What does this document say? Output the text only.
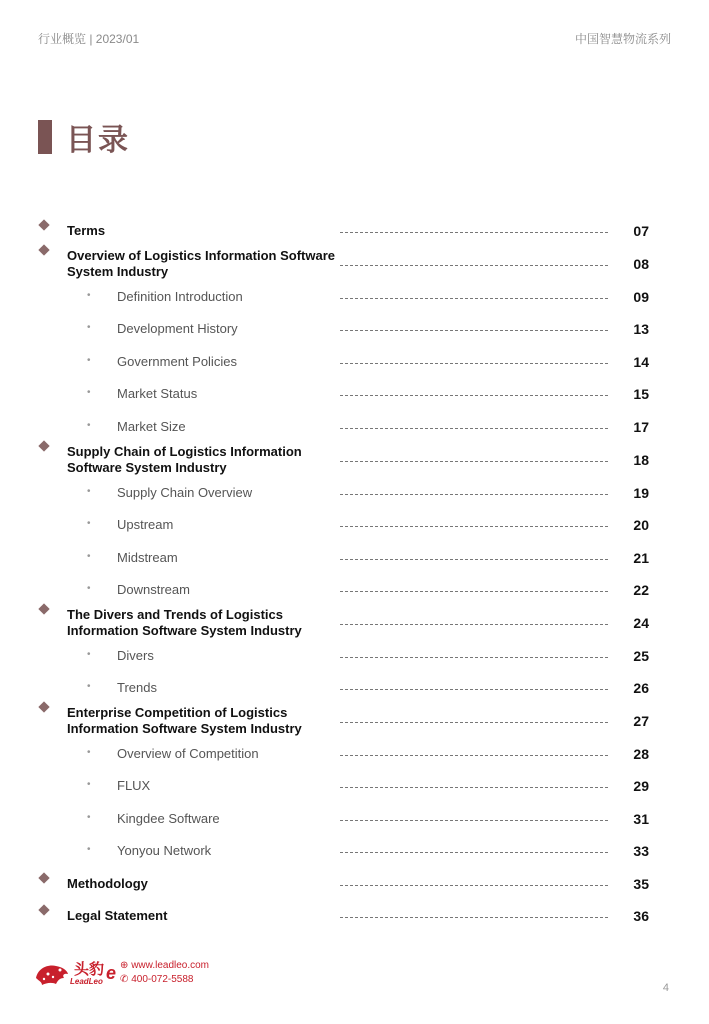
行业概览 | 2023/01	中国智慧物流系列
目录
Terms	07
Overview of Logistics Information Software
System Industry	08
• Definition Introduction	09
• Development History	13
• Government Policies	14
• Market Status	15
• Market Size	17
Supply Chain of Logistics Information
Software System Industry	18
• Supply Chain Overview	19
• Upstream	20
• Midstream	21
• Downstream	22
The Divers and Trends of Logistics
Information Software System Industry	24
• Divers	25
• Trends	26
Enterprise Competition of Logistics
Information Software System Industry	27
• Overview of Competition	28
• FLUX	29
• Kingdee Software	31
• Yonyou Network	33
Methodology	35
Legal Statement	36
头豹
LeadLeo e ⊕ www.leadleo.com
✆ 400-072-5588
4
